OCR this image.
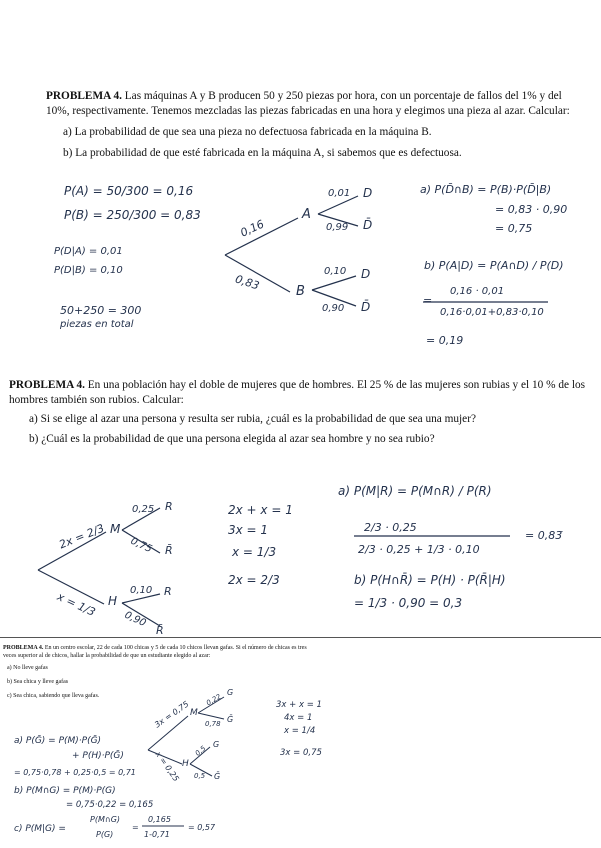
PROBLEMA 4. Las máquinas A y B producen 50 y 250 piezas por hora, con un porcentaje de fallos del 1% y del
10%, respectivamente. Tenemos mezcladas las piezas fabricadas en una hora y elegimos una pieza al azar. Calcular:
a) La probabilidad de que sea una pieza no defectuosa fabricada en la máquina B.
b) La probabilidad de que esté fabricada en la máquina A, si sabemos que es defectuosa.
P(A) = 50/300 = 0,16
P(B) = 250/300 = 0,83
P(D|A) = 0,01
P(D|B) = 0,10
50+250 = 300
piezas en total
0,16
0,83
A
B
0,01
0,99
0,10
0,90
D
D̄
D
D̄
a) P(D̄∩B) = P(B)·P(D̄|B)
= 0,83 · 0,90
= 0,75
b) P(A|D) = P(A∩D) / P(D)
=
0,16 · 0,01
0,16·0,01+0,83·0,10
= 0,19
PROBLEMA 4. En una población hay el doble de mujeres que de hombres. El 25 % de las mujeres son rubias y el 10 % de los
hombres también son rubios. Calcular:
a) Si se elige al azar una persona y resulta ser rubia, ¿cuál es la probabilidad de que sea una mujer?
b) ¿Cuál es la probabilidad de que una persona elegida al azar sea hombre y no sea rubio?
2x = 2/3
x = 1/3
M
H
0,25
0,75
0,10
0,90
R
R̄
R
R̄
2x + x = 1
3x = 1
x = 1/3
2x = 2/3
a) P(M|R) = P(M∩R) / P(R)
2/3 · 0,25
2/3 · 0,25 + 1/3 · 0,10
= 0,83̄
b) P(H∩R̄) = P(H) · P(R̄|H)
= 1/3 · 0,90 = 0,3
PROBLEMA 4. En un centro escolar, 22 de cada 100 chicas y 5 de cada 10 chicos llevan gafas. Si el número de chicas es tres
veces superior al de chicos, hallar la probabilidad de que un estudiante elegido al azar:
a) No lleve gafas
b) Sea chica y lleve gafas
c) Sea chica, sabiendo que lleva gafas.
3x = 0,75
x = 0,25
M
H
0,22
0,78
0,5
0,5
G
Ḡ
G
Ḡ
3x + x = 1
4x = 1
x = 1/4
3x = 0,75
a) P(Ḡ) = P(M)·P(Ḡ)
+ P(H)·P(Ḡ)
= 0,75·0,78 + 0,25·0,5 = 0,71
b) P(M∩G) = P(M)·P(G)
= 0,75·0,22 = 0,165
c) P(M|G) =
P(M∩G)
P(G)
=
0,165
1-0,71
= 0,57
